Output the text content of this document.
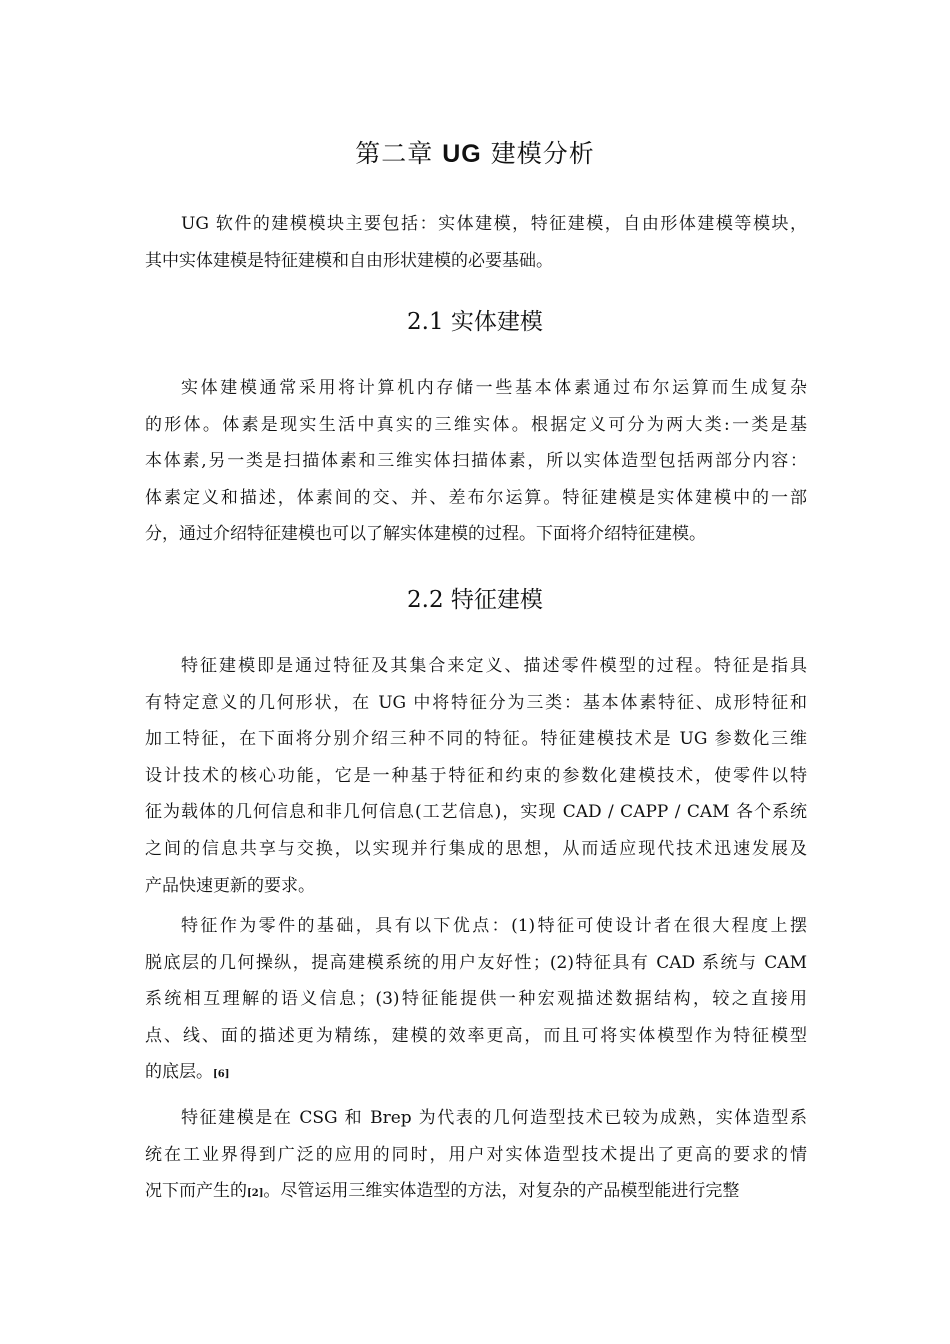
第二章 UG 建模分析
UG 软件的建模模块主要包括：实体建模，特征建模，自由形体建模等模块，
其中实体建模是特征建模和自由形状建模的必要基础。
2.1 实体建模
实体建模通常采用将计算机内存储一些基本体素通过布尔运算而生成复杂
的形体。体素是现实生活中真实的三维实体。根据定义可分为两大类:一类是基
本体素,另一类是扫描体素和三维实体扫描体素，所以实体造型包括两部分内容：
体素定义和描述，体素间的交、并、差布尔运算。特征建模是实体建模中的一部
分，通过介绍特征建模也可以了解实体建模的过程。下面将介绍特征建模。
2.2 特征建模
特征建模即是通过特征及其集合来定义、描述零件模型的过程。特征是指具
有特定意义的几何形状，在 UG 中将特征分为三类：基本体素特征、成形特征和
加工特征，在下面将分别介绍三种不同的特征。特征建模技术是 UG 参数化三维
设计技术的核心功能，它是一种基于特征和约束的参数化建模技术，使零件以特
征为载体的几何信息和非几何信息(工艺信息)，实现 CAD / CAPP / CAM 各个系统
之间的信息共享与交换，以实现并行集成的思想，从而适应现代技术迅速发展及
产品快速更新的要求。
特征作为零件的基础，具有以下优点：(1)特征可使设计者在很大程度上摆
脱底层的几何操纵，提高建模系统的用户友好性；(2)特征具有 CAD 系统与 CAM
系统相互理解的语义信息；(3)特征能提供一种宏观描述数据结构，较之直接用
点、线、面的描述更为精练，建模的效率更高，而且可将实体模型作为特征模型
的底层。[6]
特征建模是在 CSG 和 Brep 为代表的几何造型技术已较为成熟，实体造型系
统在工业界得到广泛的应用的同时，用户对实体造型技术提出了更高的要求的情
况下而产生的[2]。尽管运用三维实体造型的方法，对复杂的产品模型能进行完整
